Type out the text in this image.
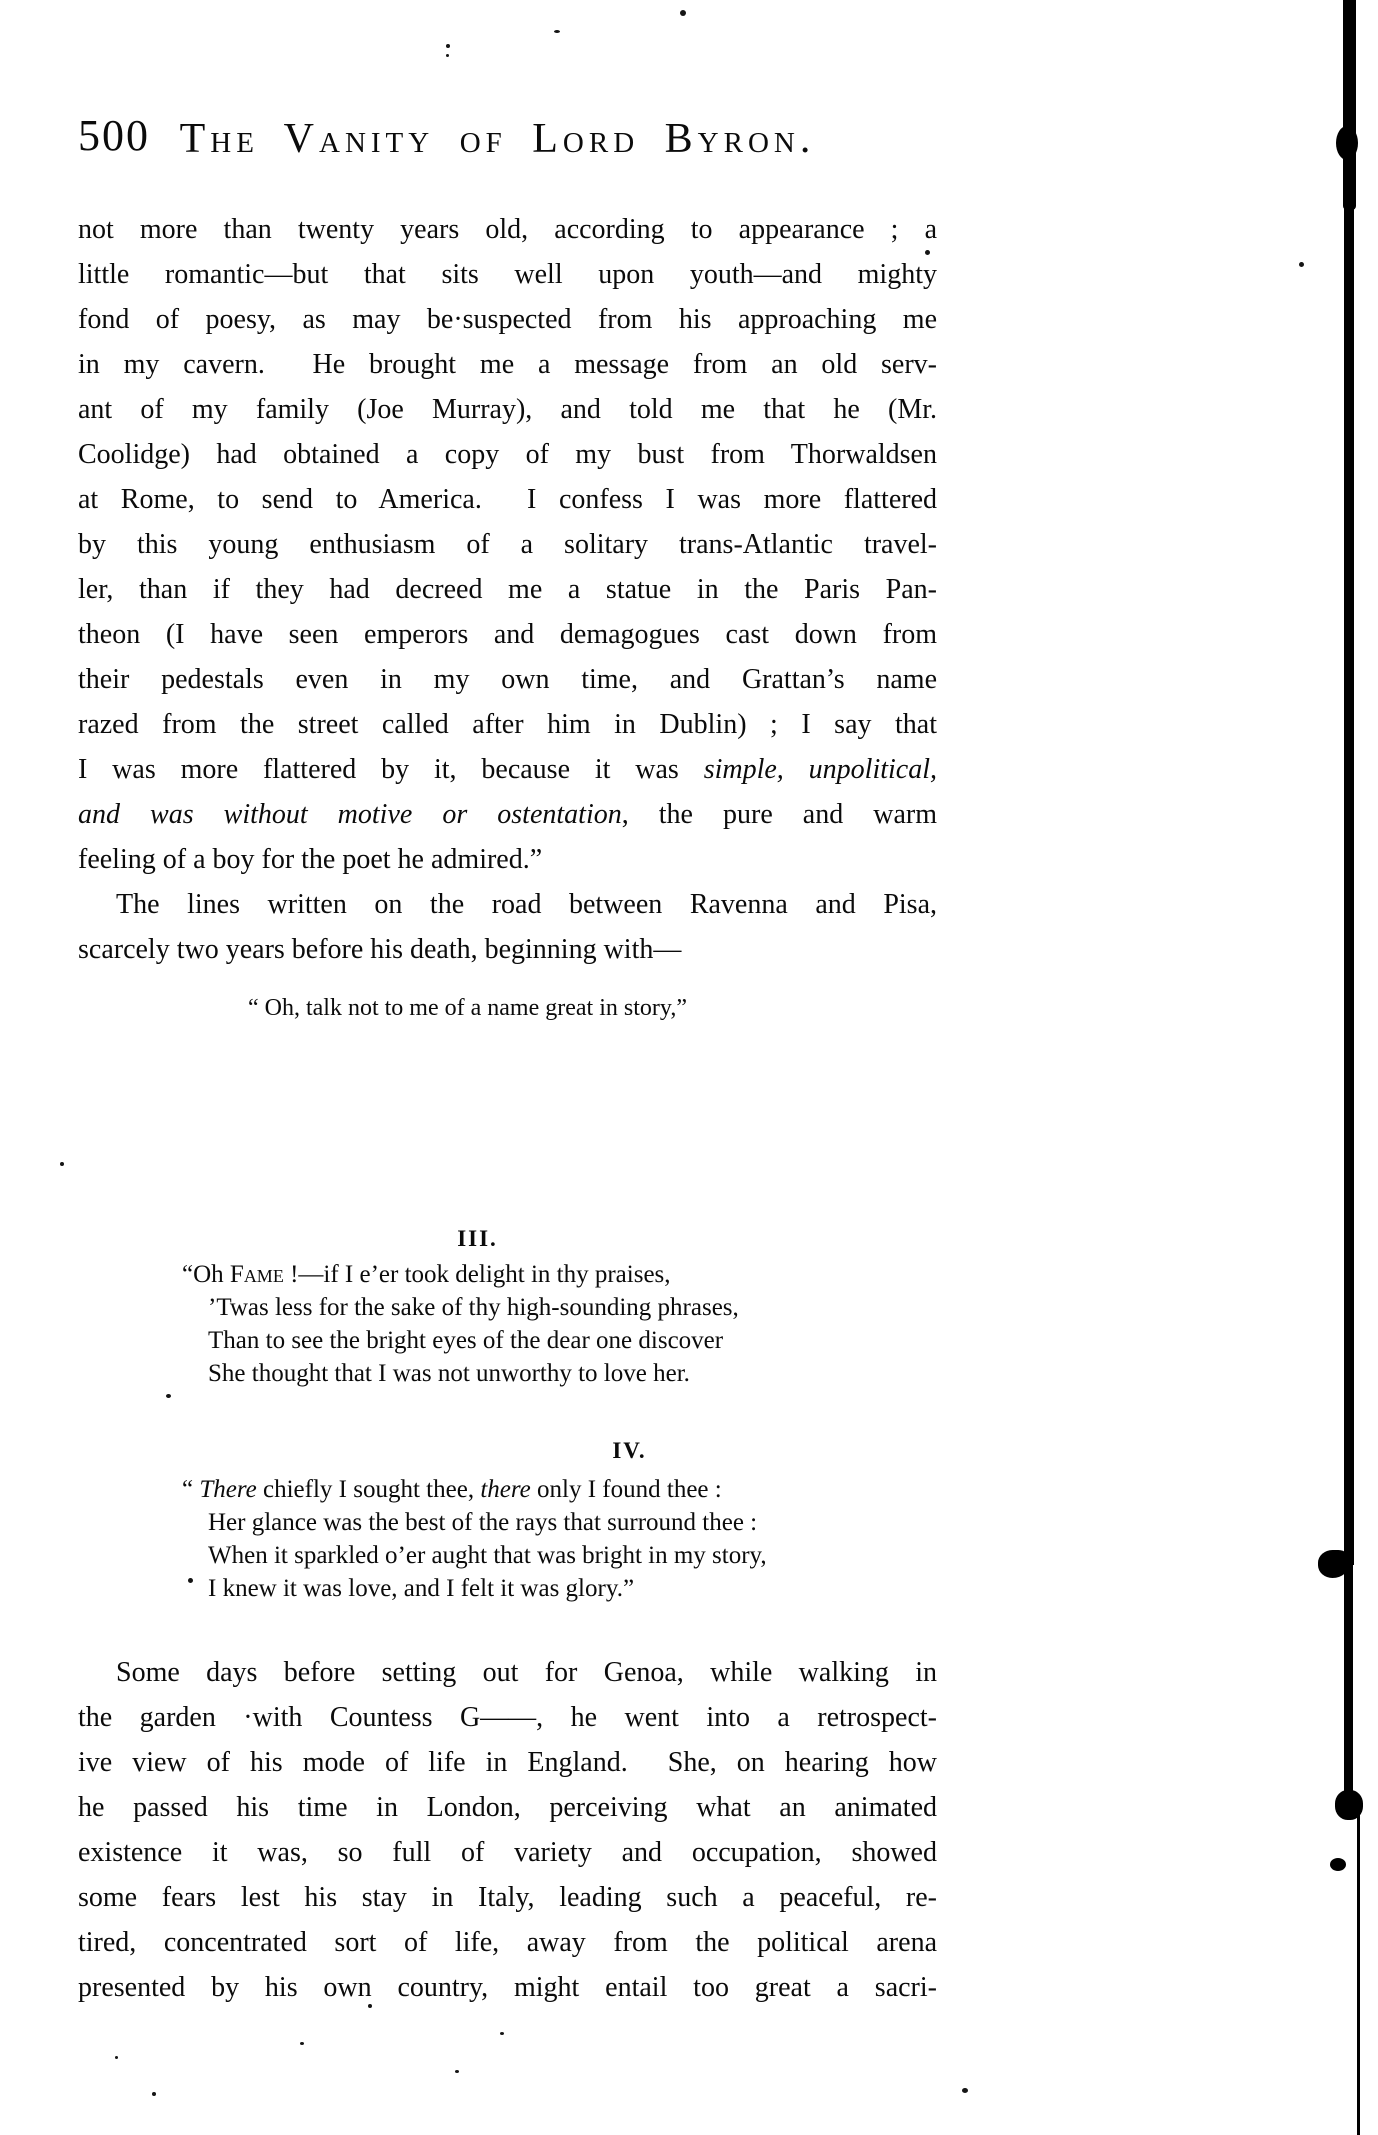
500 The Vanity of Lord Byron.
not more than twenty years old, according to appearance ; a
little romantic—but that sits well upon youth—and mighty
fond of poesy, as may be·suspected from his approaching me
in my cavern.  He brought me a message from an old serv-
ant of my family (Joe Murray), and told me that he (Mr.
Coolidge) had obtained a copy of my bust from Thorwaldsen
at Rome, to send to America.  I confess I was more flattered
by this young enthusiasm of a solitary trans-Atlantic travel-
ler, than if they had decreed me a statue in the Paris Pan-
theon (I have seen emperors and demagogues cast down from
their pedestals even in my own time, and Grattan’s name
razed from the street called after him in Dublin) ; I say that
I was more flattered by it, because it was simple, unpolitical,
and was without motive or ostentation, the pure and warm
feeling of a boy for the poet he admired.”
The lines written on the road between Ravenna and Pisa,
scarcely two years before his death, beginning with—
“ Oh, talk not to me of a name great in story,”
III.
“Oh Fame !—if I e’er took delight in thy praises,
’Twas less for the sake of thy high-sounding phrases,
Than to see the bright eyes of the dear one discover
She thought that I was not unworthy to love her.
IV.
“ There chiefly I sought thee, there only I found thee :
Her glance was the best of the rays that surround thee :
When it sparkled o’er aught that was bright in my story,
I knew it was love, and I felt it was glory.”
Some days before setting out for Genoa, while walking in
the garden ·with Countess G——, he went into a retrospect-
ive view of his mode of life in England.  She, on hearing how
he passed his time in London, perceiving what an animated
existence it was, so full of variety and occupation, showed
some fears lest his stay in Italy, leading such a peaceful, re-
tired, concentrated sort of life, away from the political arena
presented by his own country, might entail too great a sacri-
